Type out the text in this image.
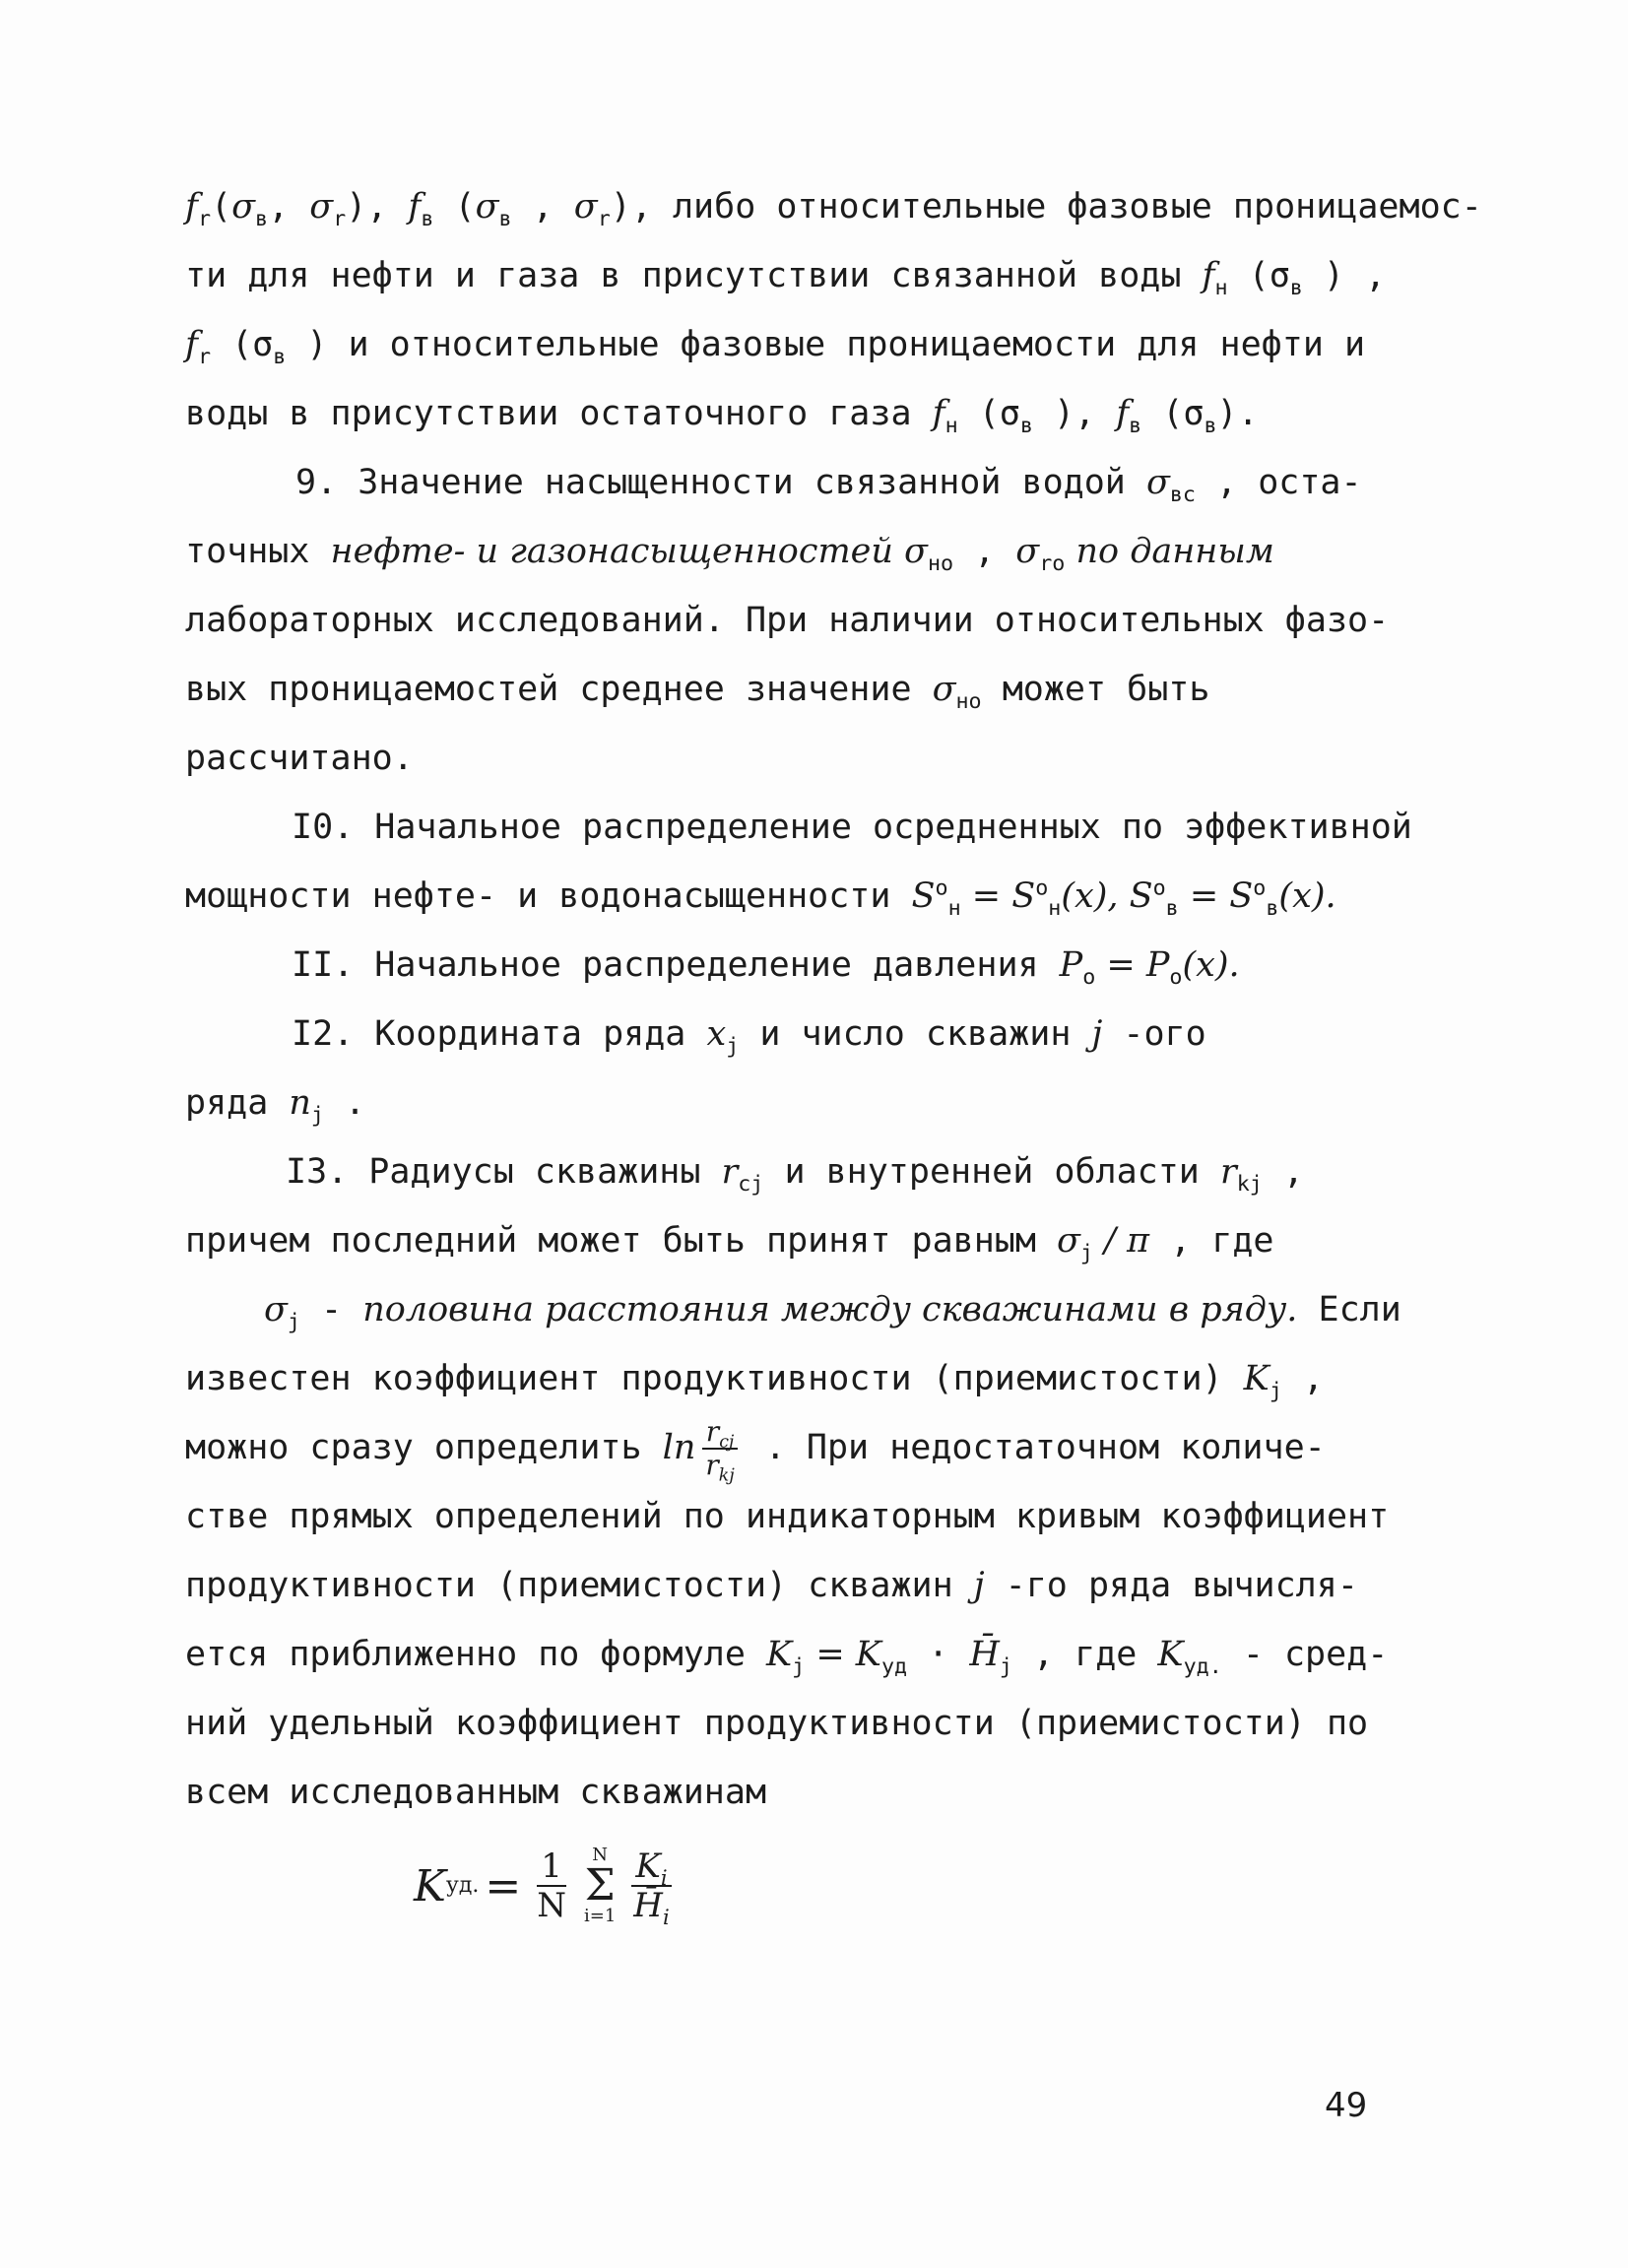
$f_r(\sigma_в$, $\sigma_r$), $f_в$ ($\sigma_в$ , $\sigma_r$), либо относительные фазовые проницаемос-
ти для нефти и газа в присутствии связанной воды $f_н$ ($\sigma_в$ ) ,
$f_r$ ($\sigma_в$ ) и относительные фазовые проницаемости для нефти и
воды в присутствии остаточного газа $f_н$ ($\sigma_в$ ), $f_в$ $(\sigma_в)$.
9. Значение насыщенности связанной водой $\sigma_{вс}$ , оста-
точных нефте- и газонасыщенностей $\sigma_{но}$ , $\sigma_{rо}$ по данным
лабораторных исследований. При наличии относительных фазо-
вых проницаемостей среднее значение $\sigma_{но}$ может быть
рассчитано.
I0. Начальное распределение осредненных по эффективной
мощности нефте- и водонасыщенности $S^o_н = S^o_н(x)$, $S^o_в = S^o_в(x)$.
II. Начальное распределение давления $P_o = P_o(x)$.
I2. Координата ряда $x_j$ и число скважин j -ого
ряда $n_j$ .
I3. Радиусы скважины $r_{cj}$ и внутренней области $r_{kj}$ ,
причем последний может быть принят равным $\sigma_j$ / π , где
$\sigma_j$ - половина расстояния между скважинами в ряду. Если
известен коэффициент продуктивности (приемистости) $K_j$ ,
можно сразу определить $\ln \frac{r_{cj}}{r_{kj}}$ . При недостаточном количе-
стве прямых определений по индикаторным кривым коэффициент
продуктивности (приемистости) скважин j -го ряда вычисля-
ется приближенно по формуле $K_j = K_{уд}$ · $H̄_j$ , где $K_{уд.}$ - сред-
ний удельный коэффициент продуктивности (приемистости) по
всем исследованным скважинам
K уд. = $\frac{1}{N}$ N
Σ
$i=1 \frac{K_i}{H̄_i}$
49
